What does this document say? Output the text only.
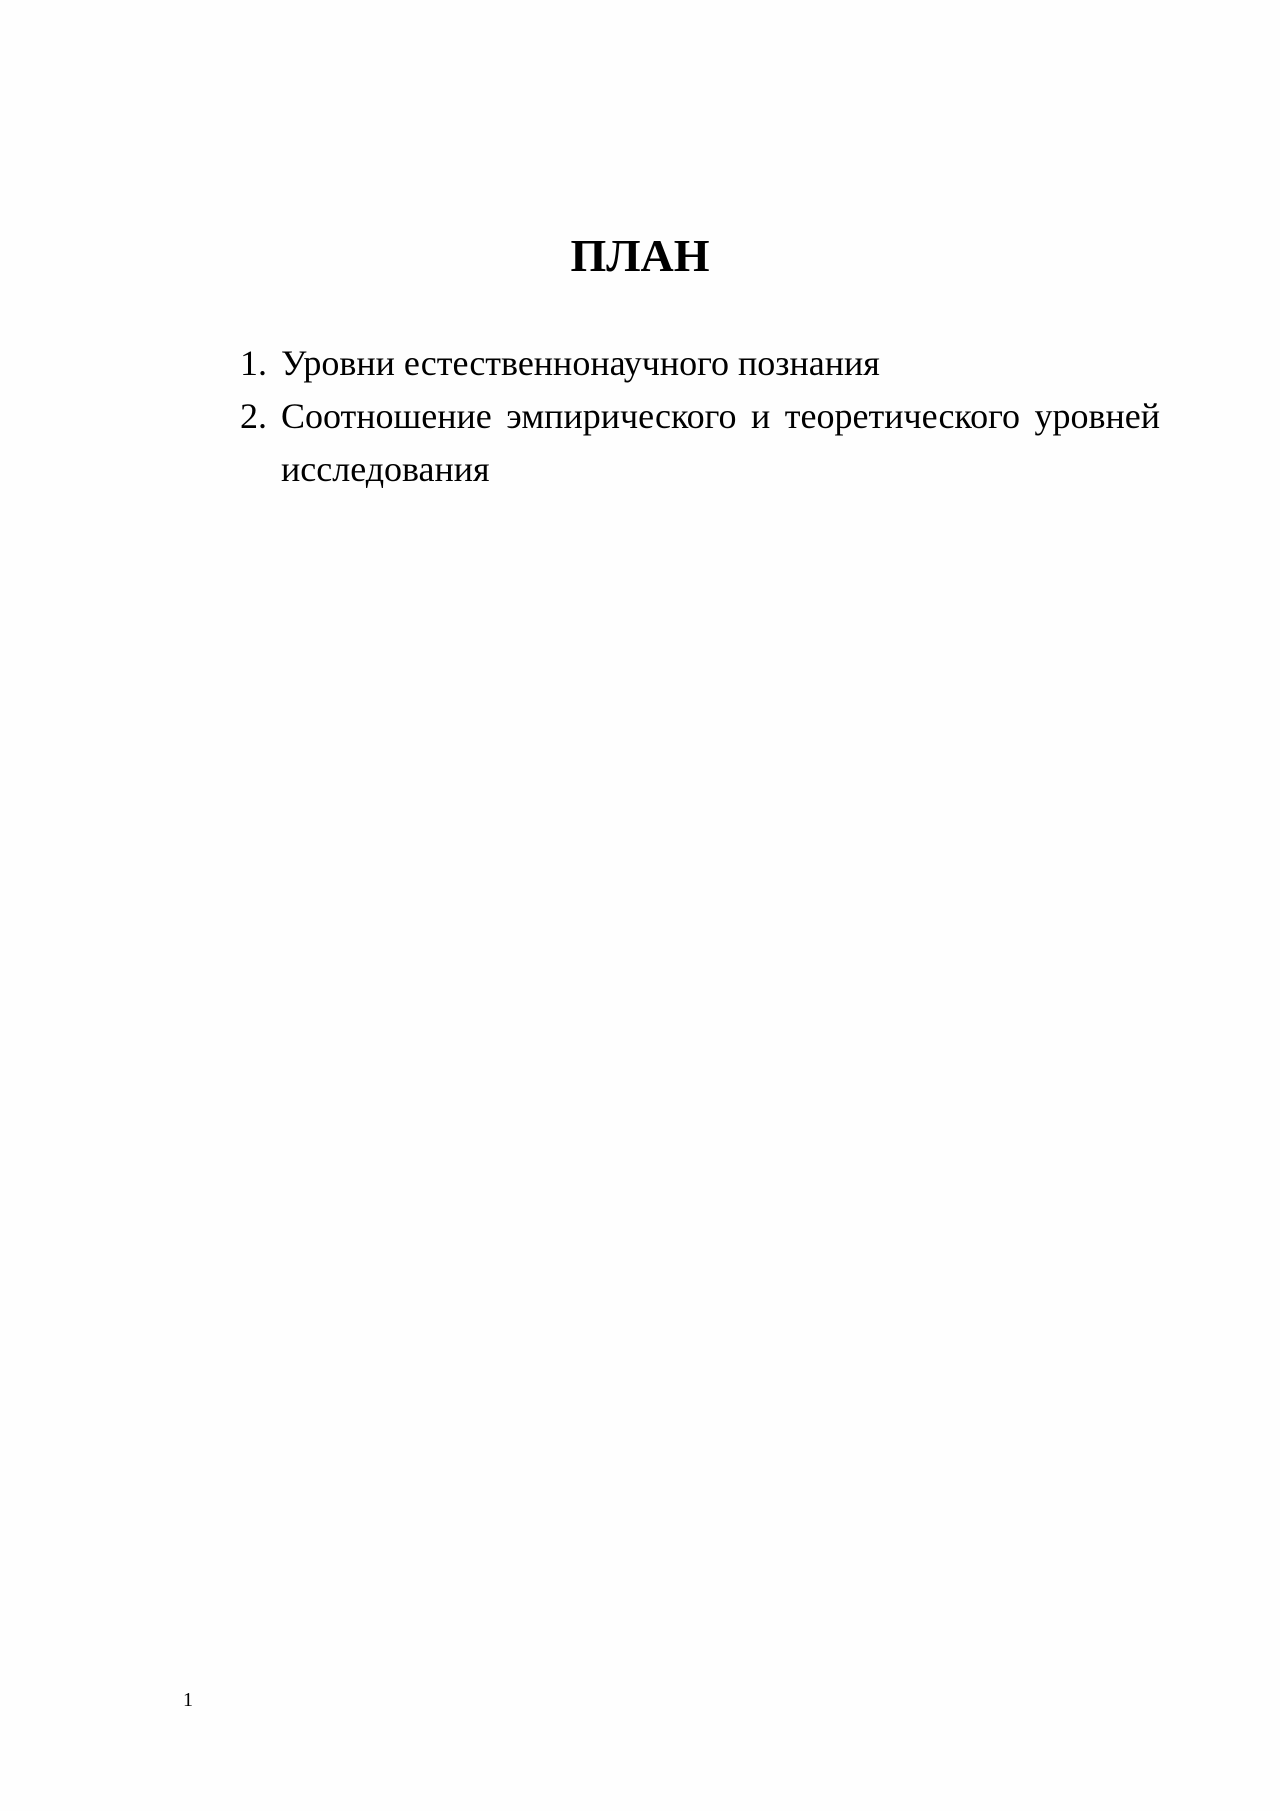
ПЛАН
1. Уровни естественнонаучного познания
2. Соотношение эмпирического и теоретического уровней исследования
1
